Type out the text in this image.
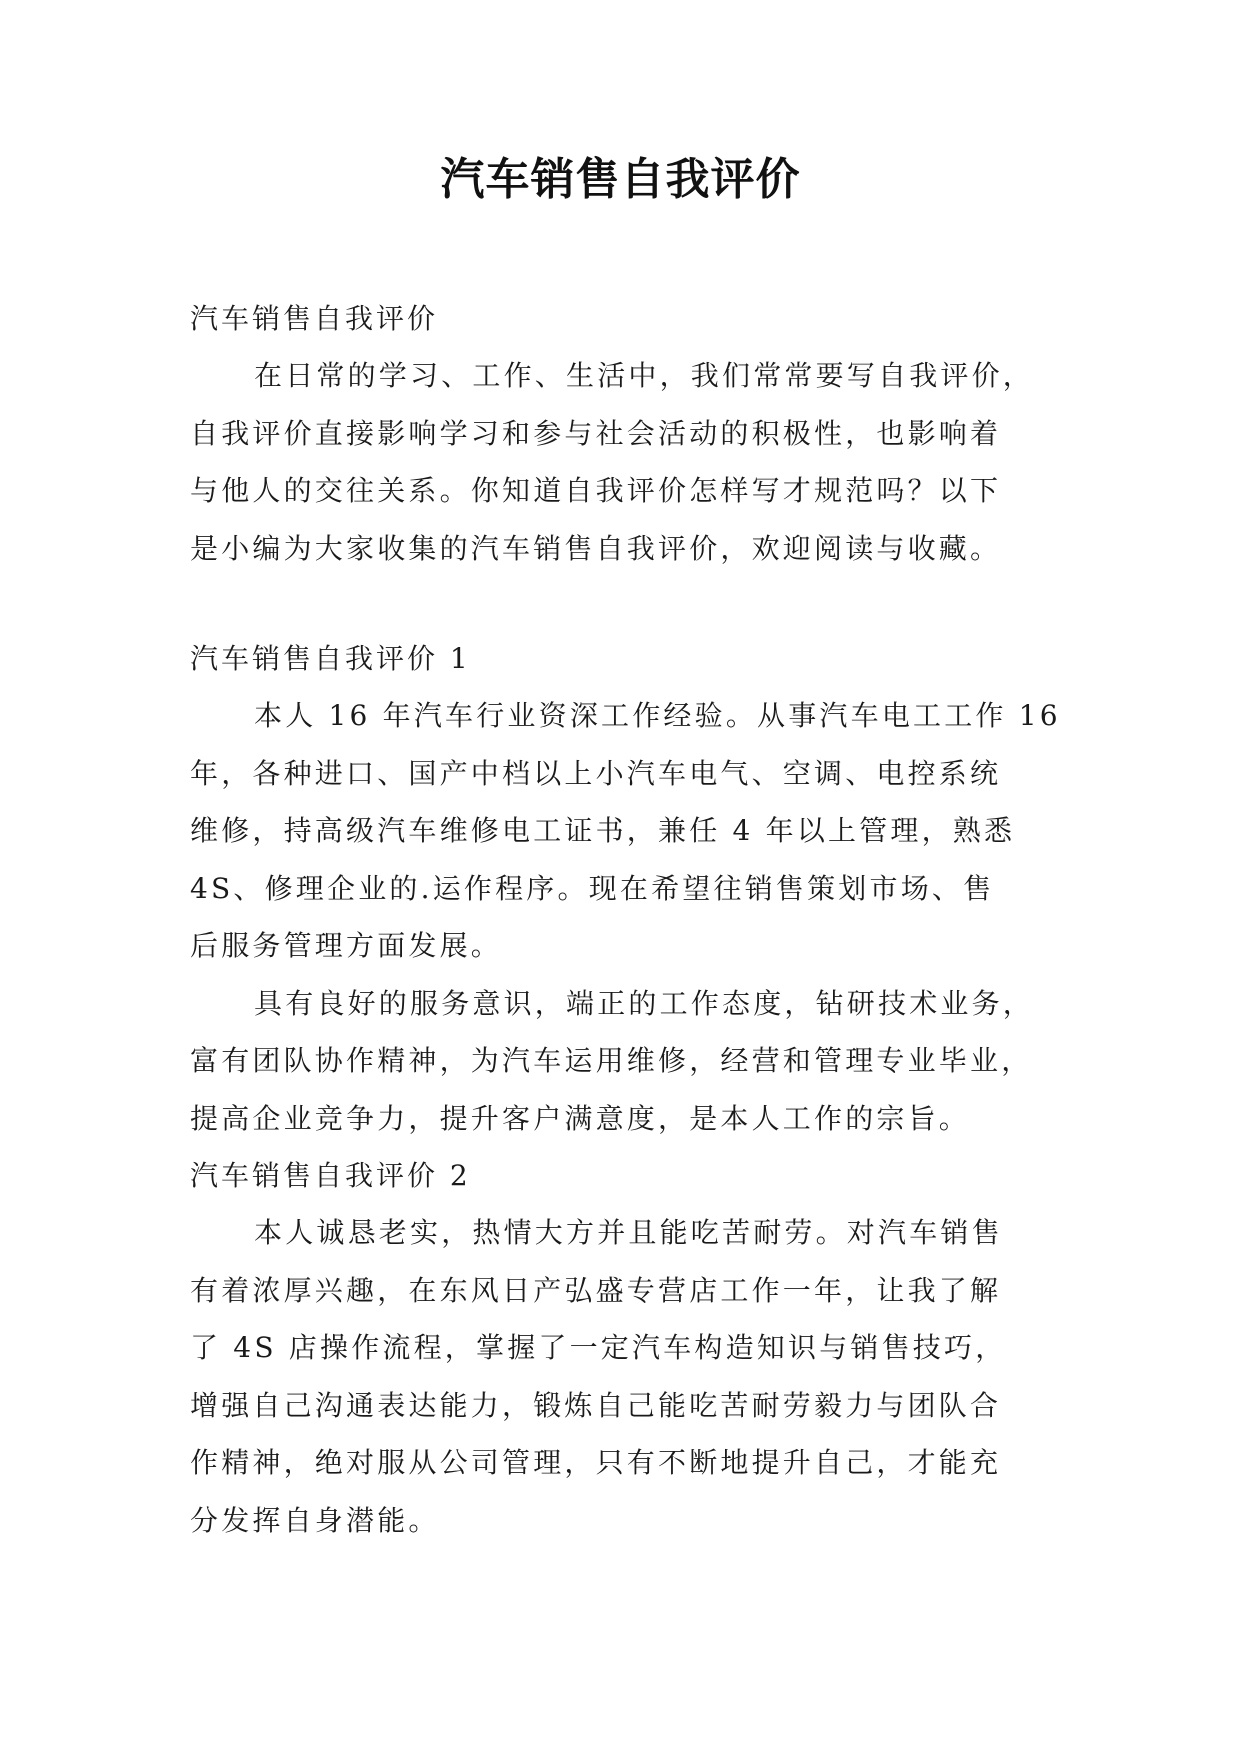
汽车销售自我评价
汽车销售自我评价
在日常的学习、工作、生活中，我们常常要写自我评价，
自我评价直接影响学习和参与社会活动的积极性，也影响着
与他人的交往关系。你知道自我评价怎样写才规范吗？以下
是小编为大家收集的汽车销售自我评价，欢迎阅读与收藏。
汽车销售自我评价 1
本人 16 年汽车行业资深工作经验。从事汽车电工工作 16
年，各种进口、国产中档以上小汽车电气、空调、电控系统
维修，持高级汽车维修电工证书，兼任 4 年以上管理，熟悉
4S、修理企业的.运作程序。现在希望往销售策划市场、售
后服务管理方面发展。
具有良好的服务意识，端正的工作态度，钻研技术业务，
富有团队协作精神，为汽车运用维修，经营和管理专业毕业，
提高企业竞争力，提升客户满意度，是本人工作的宗旨。
汽车销售自我评价 2
本人诚恳老实，热情大方并且能吃苦耐劳。对汽车销售
有着浓厚兴趣，在东风日产弘盛专营店工作一年，让我了解
了 4S 店操作流程，掌握了一定汽车构造知识与销售技巧，
增强自己沟通表达能力，锻炼自己能吃苦耐劳毅力与团队合
作精神，绝对服从公司管理，只有不断地提升自己，才能充
分发挥自身潜能。
